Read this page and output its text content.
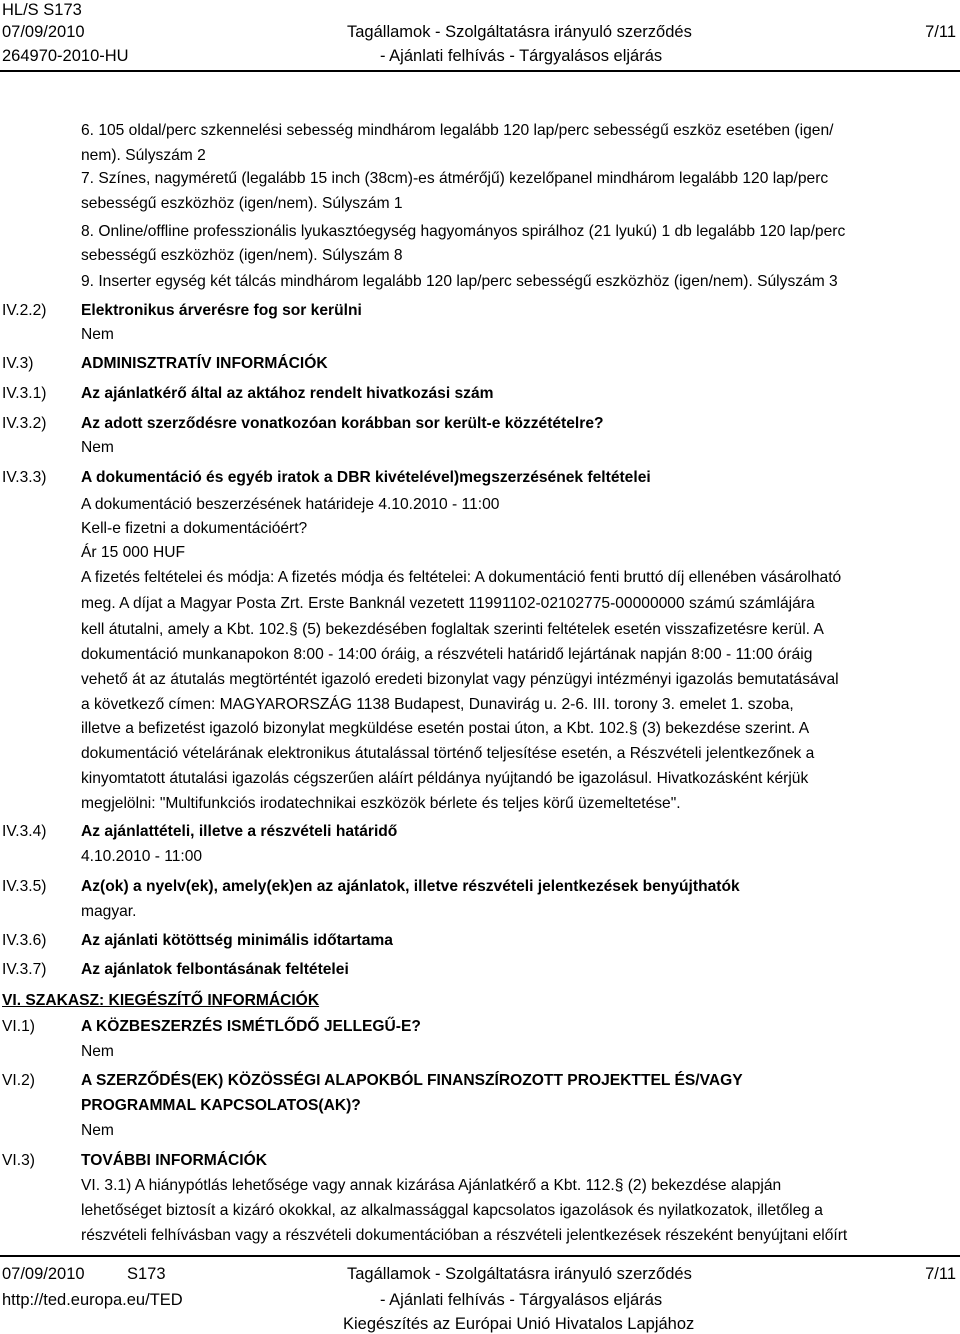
HL/S S173
07/09/2010
264970-2010-HU
Tagállamok - Szolgáltatásra irányuló szerződés
- Ajánlati felhívás - Tárgyalásos eljárás
7/11
6. 105 oldal/perc szkennelési sebesség mindhárom legalább 120 lap/perc sebességű eszköz esetében (igen/
nem). Súlyszám 2
7. Színes, nagyméretű (legalább 15 inch (38cm)-es átmérőjű) kezelőpanel mindhárom legalább 120 lap/perc
sebességű eszközhöz (igen/nem). Súlyszám 1
8. Online/offline professzionális lyukasztóegység hagyományos spirálhoz (21 lyukú) 1 db legalább 120 lap/perc
sebességű eszközhöz (igen/nem). Súlyszám 8
9. Inserter egység két tálcás mindhárom legalább 120 lap/perc sebességű eszközhöz (igen/nem). Súlyszám 3
IV.2.2) Elektronikus árverésre fog sor kerülni
Nem
IV.3)	ADMINISZTRATÍV INFORMÁCIÓK
IV.3.1) Az ajánlatkérő által az aktához rendelt hivatkozási szám
IV.3.2) Az adott szerződésre vonatkozóan korábban sor került-e közzétételre?
Nem
IV.3.3) A dokumentáció és egyéb iratok a DBR kivételével)megszerzésének feltételei
A dokumentáció beszerzésének határideje 4.10.2010 - 11:00
Kell-e fizetni a dokumentációért?
Ár 15 000 HUF
A fizetés feltételei és módja: A fizetés módja és feltételei: A dokumentáció fenti bruttó díj ellenében vásárolható
meg. A díjat a Magyar Posta Zrt. Erste Banknál vezetett 11991102-02102775-00000000 számú számlájára
kell átutalni, amely a Kbt. 102.§ (5) bekezdésében foglaltak szerinti feltételek esetén visszafizetésre kerül. A
dokumentáció munkanapokon 8:00 - 14:00 óráig, a részvételi határidő lejártának napján 8:00 - 11:00 óráig
vehető át az átutalás megtörténtét igazoló eredeti bizonylat vagy pénzügyi intézményi igazolás bemutatásával
a következő címen: MAGYARORSZÁG 1138 Budapest, Dunavirág u. 2-6. III. torony 3. emelet 1. szoba,
illetve a befizetést igazoló bizonylat megküldése esetén postai úton, a Kbt. 102.§ (3) bekezdése szerint. A
dokumentáció vételárának elektronikus átutalással történő teljesítése esetén, a Részvételi jelentkezőnek a
kinyomtatott átutalási igazolás cégszerűen aláírt példánya nyújtandó be igazolásul. Hivatkozásként kérjük
megjelölni: "Multifunkciós irodatechnikai eszközök bérlete és teljes körű üzemeltetése".
IV.3.4) Az ajánlattételi, illetve a részvételi határidő
4.10.2010 - 11:00
IV.3.5) Az(ok) a nyelv(ek), amely(ek)en az ajánlatok, illetve részvételi jelentkezések benyújthatók
magyar.
IV.3.6) Az ajánlati kötöttség minimális időtartama
IV.3.7) Az ajánlatok felbontásának feltételei
VI. SZAKASZ: KIEGÉSZÍTŐ INFORMÁCIÓK
VI.1)	A KÖZBESZERZÉS ISMÉTLŐDŐ JELLEGŰ-E?
Nem
VI.2)	A SZERZŐDÉS(EK) KÖZÖSSÉGI ALAPOKBÓL FINANSZÍROZOTT PROJEKTTEL ÉS/VAGY
PROGRAMMAL KAPCSOLATOS(AK)?
Nem
VI.3)	TOVÁBBI INFORMÁCIÓK
VI. 3.1) A hiánypótlás lehetősége vagy annak kizárása Ajánlatkérő a Kbt. 112.§ (2) bekezdése alapján
lehetőséget biztosít a kizáró okokkal, az alkalmassággal kapcsolatos igazolások és nyilatkozatok, illetőleg a
részvételi felhívásban vagy a részvételi dokumentációban a részvételi jelentkezések részeként benyújtani előírt
07/09/2010	S173
http://ted.europa.eu/TED
Tagállamok - Szolgáltatásra irányuló szerződés
- Ajánlati felhívás - Tárgyalásos eljárás
Kiegészítés az Európai Unió Hivatalos Lapjához
7/11
